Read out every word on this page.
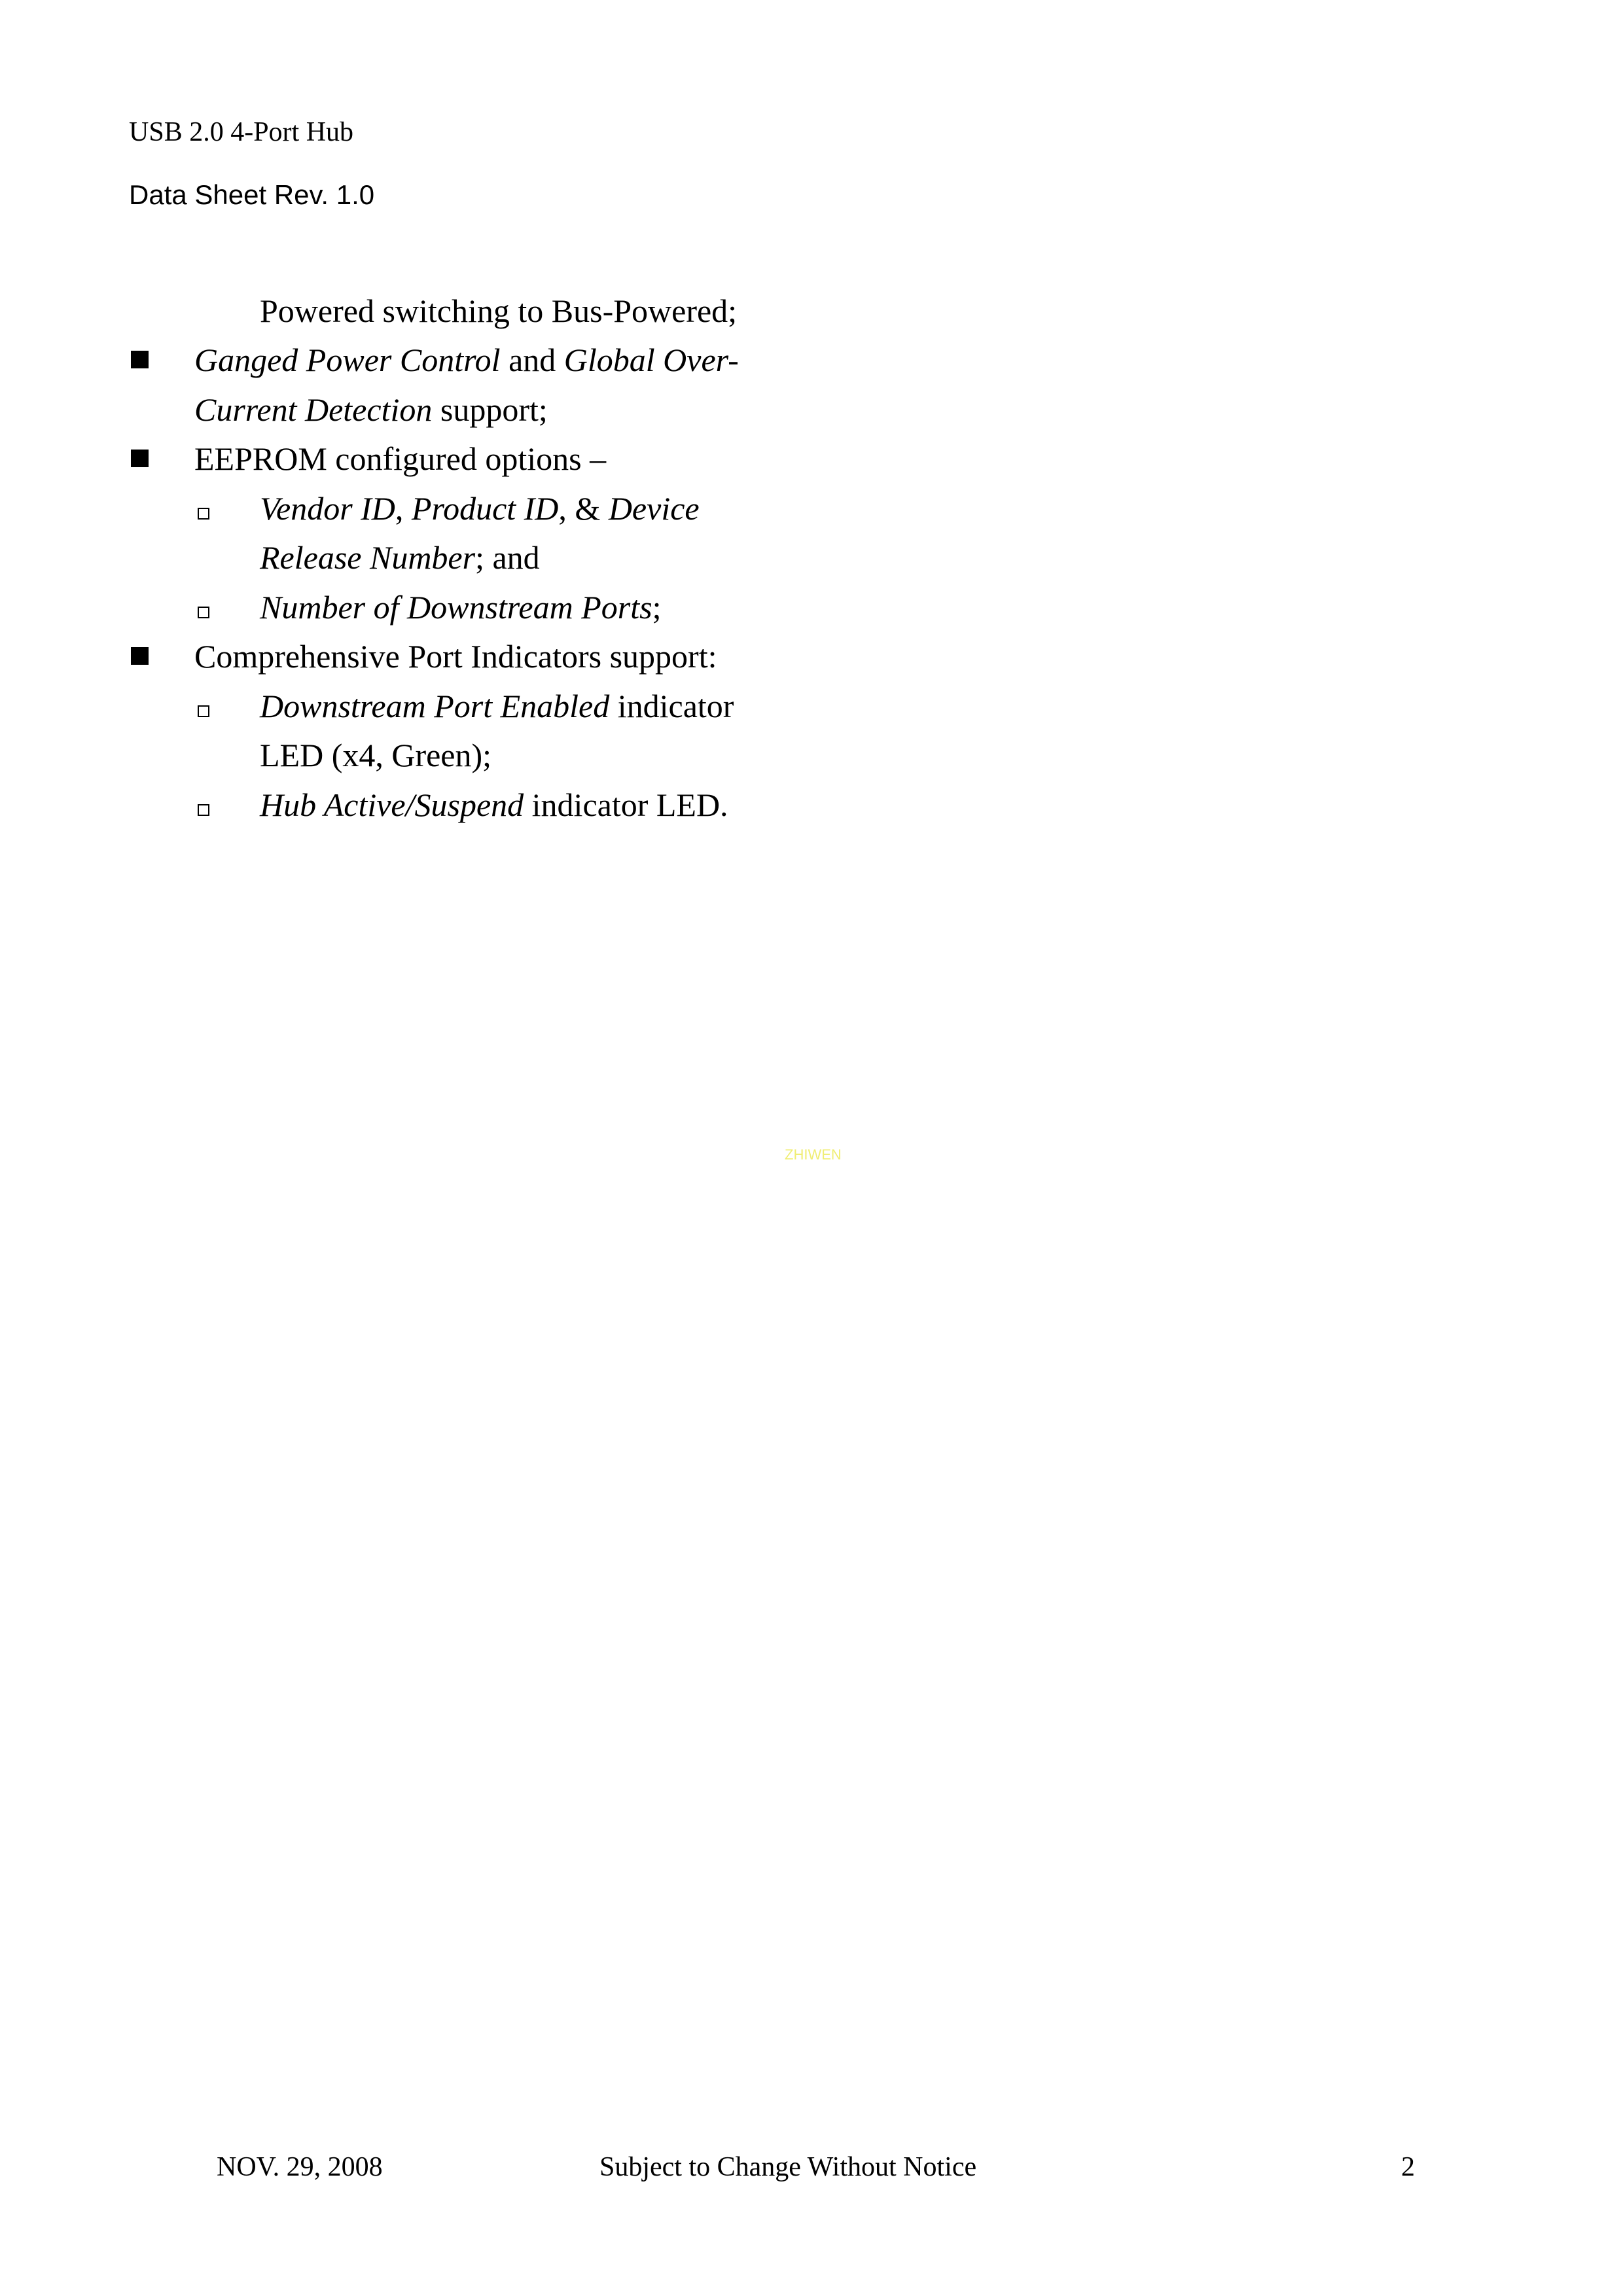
USB 2.0 4-Port Hub
Data Sheet Rev. 1.0
Powered switching to Bus-Powered;
Ganged Power Control and Global Over-
Current Detection support;
EEPROM configured options –
Vendor ID, Product ID, & Device
Release Number; and
Number of Downstream Ports;
Comprehensive Port Indicators support:
Downstream Port Enabled indicator
LED (x4, Green);
Hub Active/Suspend indicator LED.
ZHIWEN
NOV. 29, 2008	Subject to Change Without Notice	2
